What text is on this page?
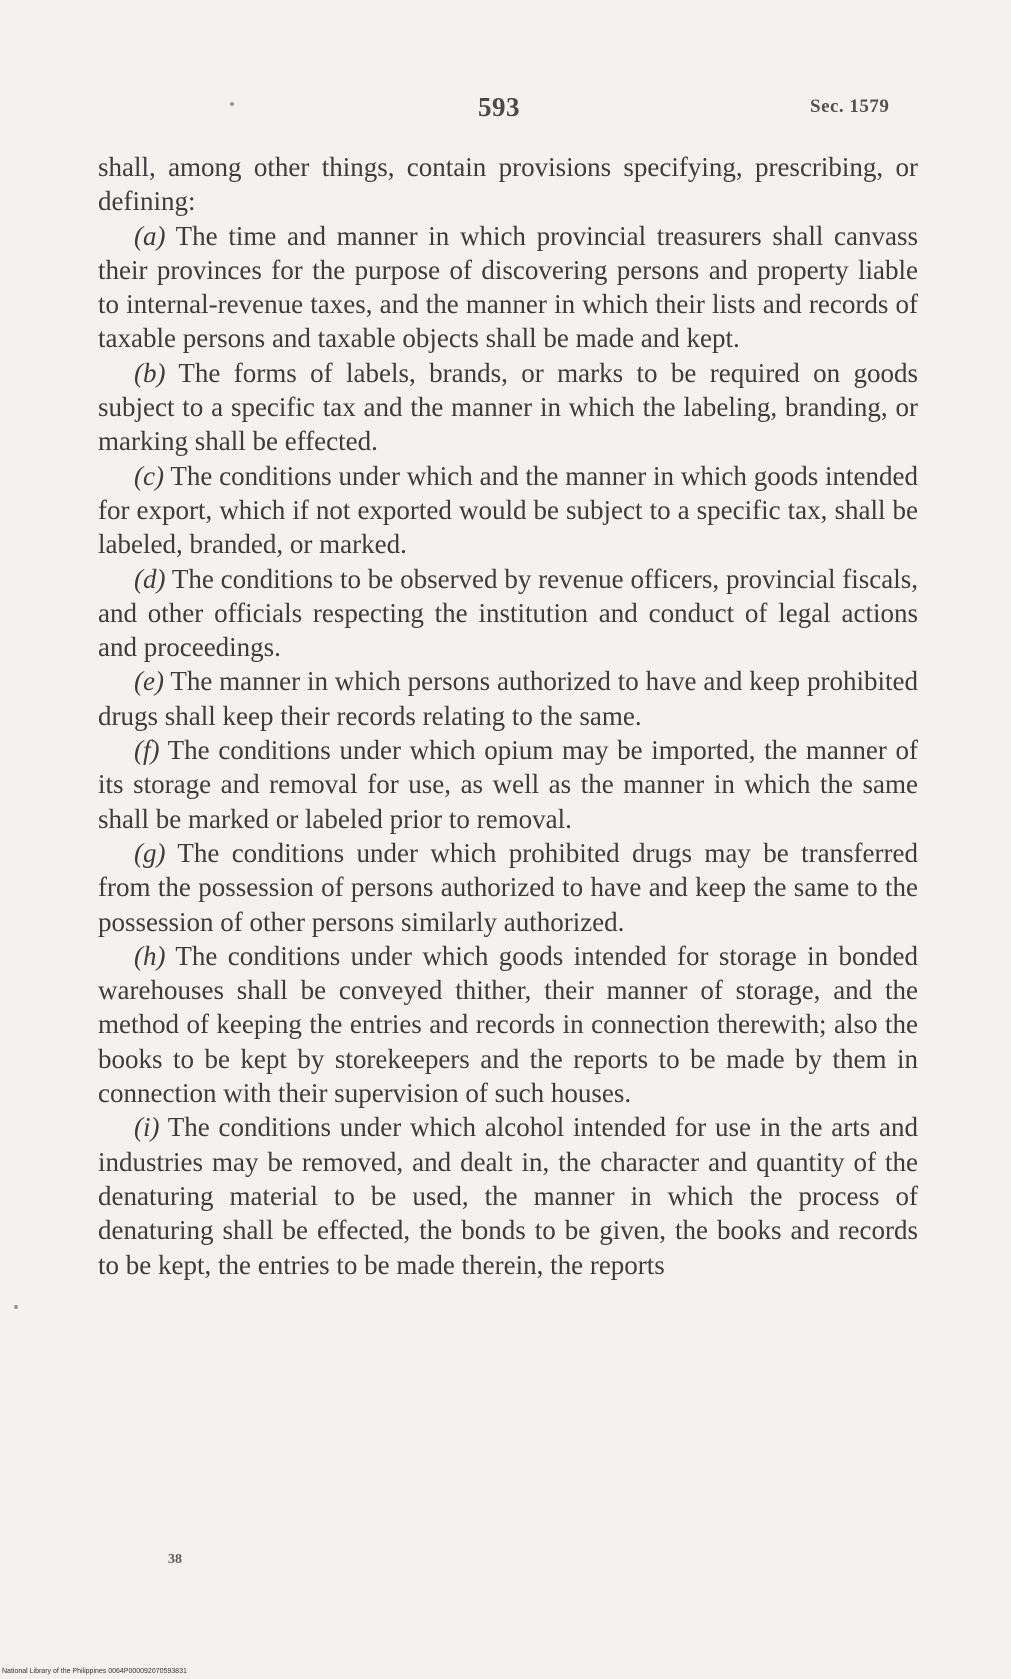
593	Sec. 1579

shall, among other things, contain provisions specifying, prescribing, or defining:

(a) The time and manner in which provincial treasurers shall canvass their provinces for the purpose of discovering persons and property liable to internal-revenue taxes, and the manner in which their lists and records of taxable persons and taxable objects shall be made and kept.

(b) The forms of labels, brands, or marks to be required on goods subject to a specific tax and the manner in which the labeling, branding, or marking shall be effected.

(c) The conditions under which and the manner in which goods intended for export, which if not exported would be subject to a specific tax, shall be labeled, branded, or marked.

(d) The conditions to be observed by revenue officers, provincial fiscals, and other officials respecting the institution and conduct of legal actions and proceedings.

(e) The manner in which persons authorized to have and keep prohibited drugs shall keep their records relating to the same.

(f) The conditions under which opium may be imported, the manner of its storage and removal for use, as well as the manner in which the same shall be marked or labeled prior to removal.

(g) The conditions under which prohibited drugs may be transferred from the possession of persons authorized to have and keep the same to the possession of other persons similarly authorized.

(h) The conditions under which goods intended for storage in bonded warehouses shall be conveyed thither, their manner of storage, and the method of keeping the entries and records in connection therewith; also the books to be kept by storekeepers and the reports to be made by them in connection with their supervision of such houses.

(i) The conditions under which alcohol intended for use in the arts and industries may be removed, and dealt in, the character and quantity of the denaturing material to be used, the manner in which the process of denaturing shall be effected, the bonds to be given, the books and records to be kept, the entries to be made therein, the reports

38
National Library of the Philippines 0064P000092070593831
